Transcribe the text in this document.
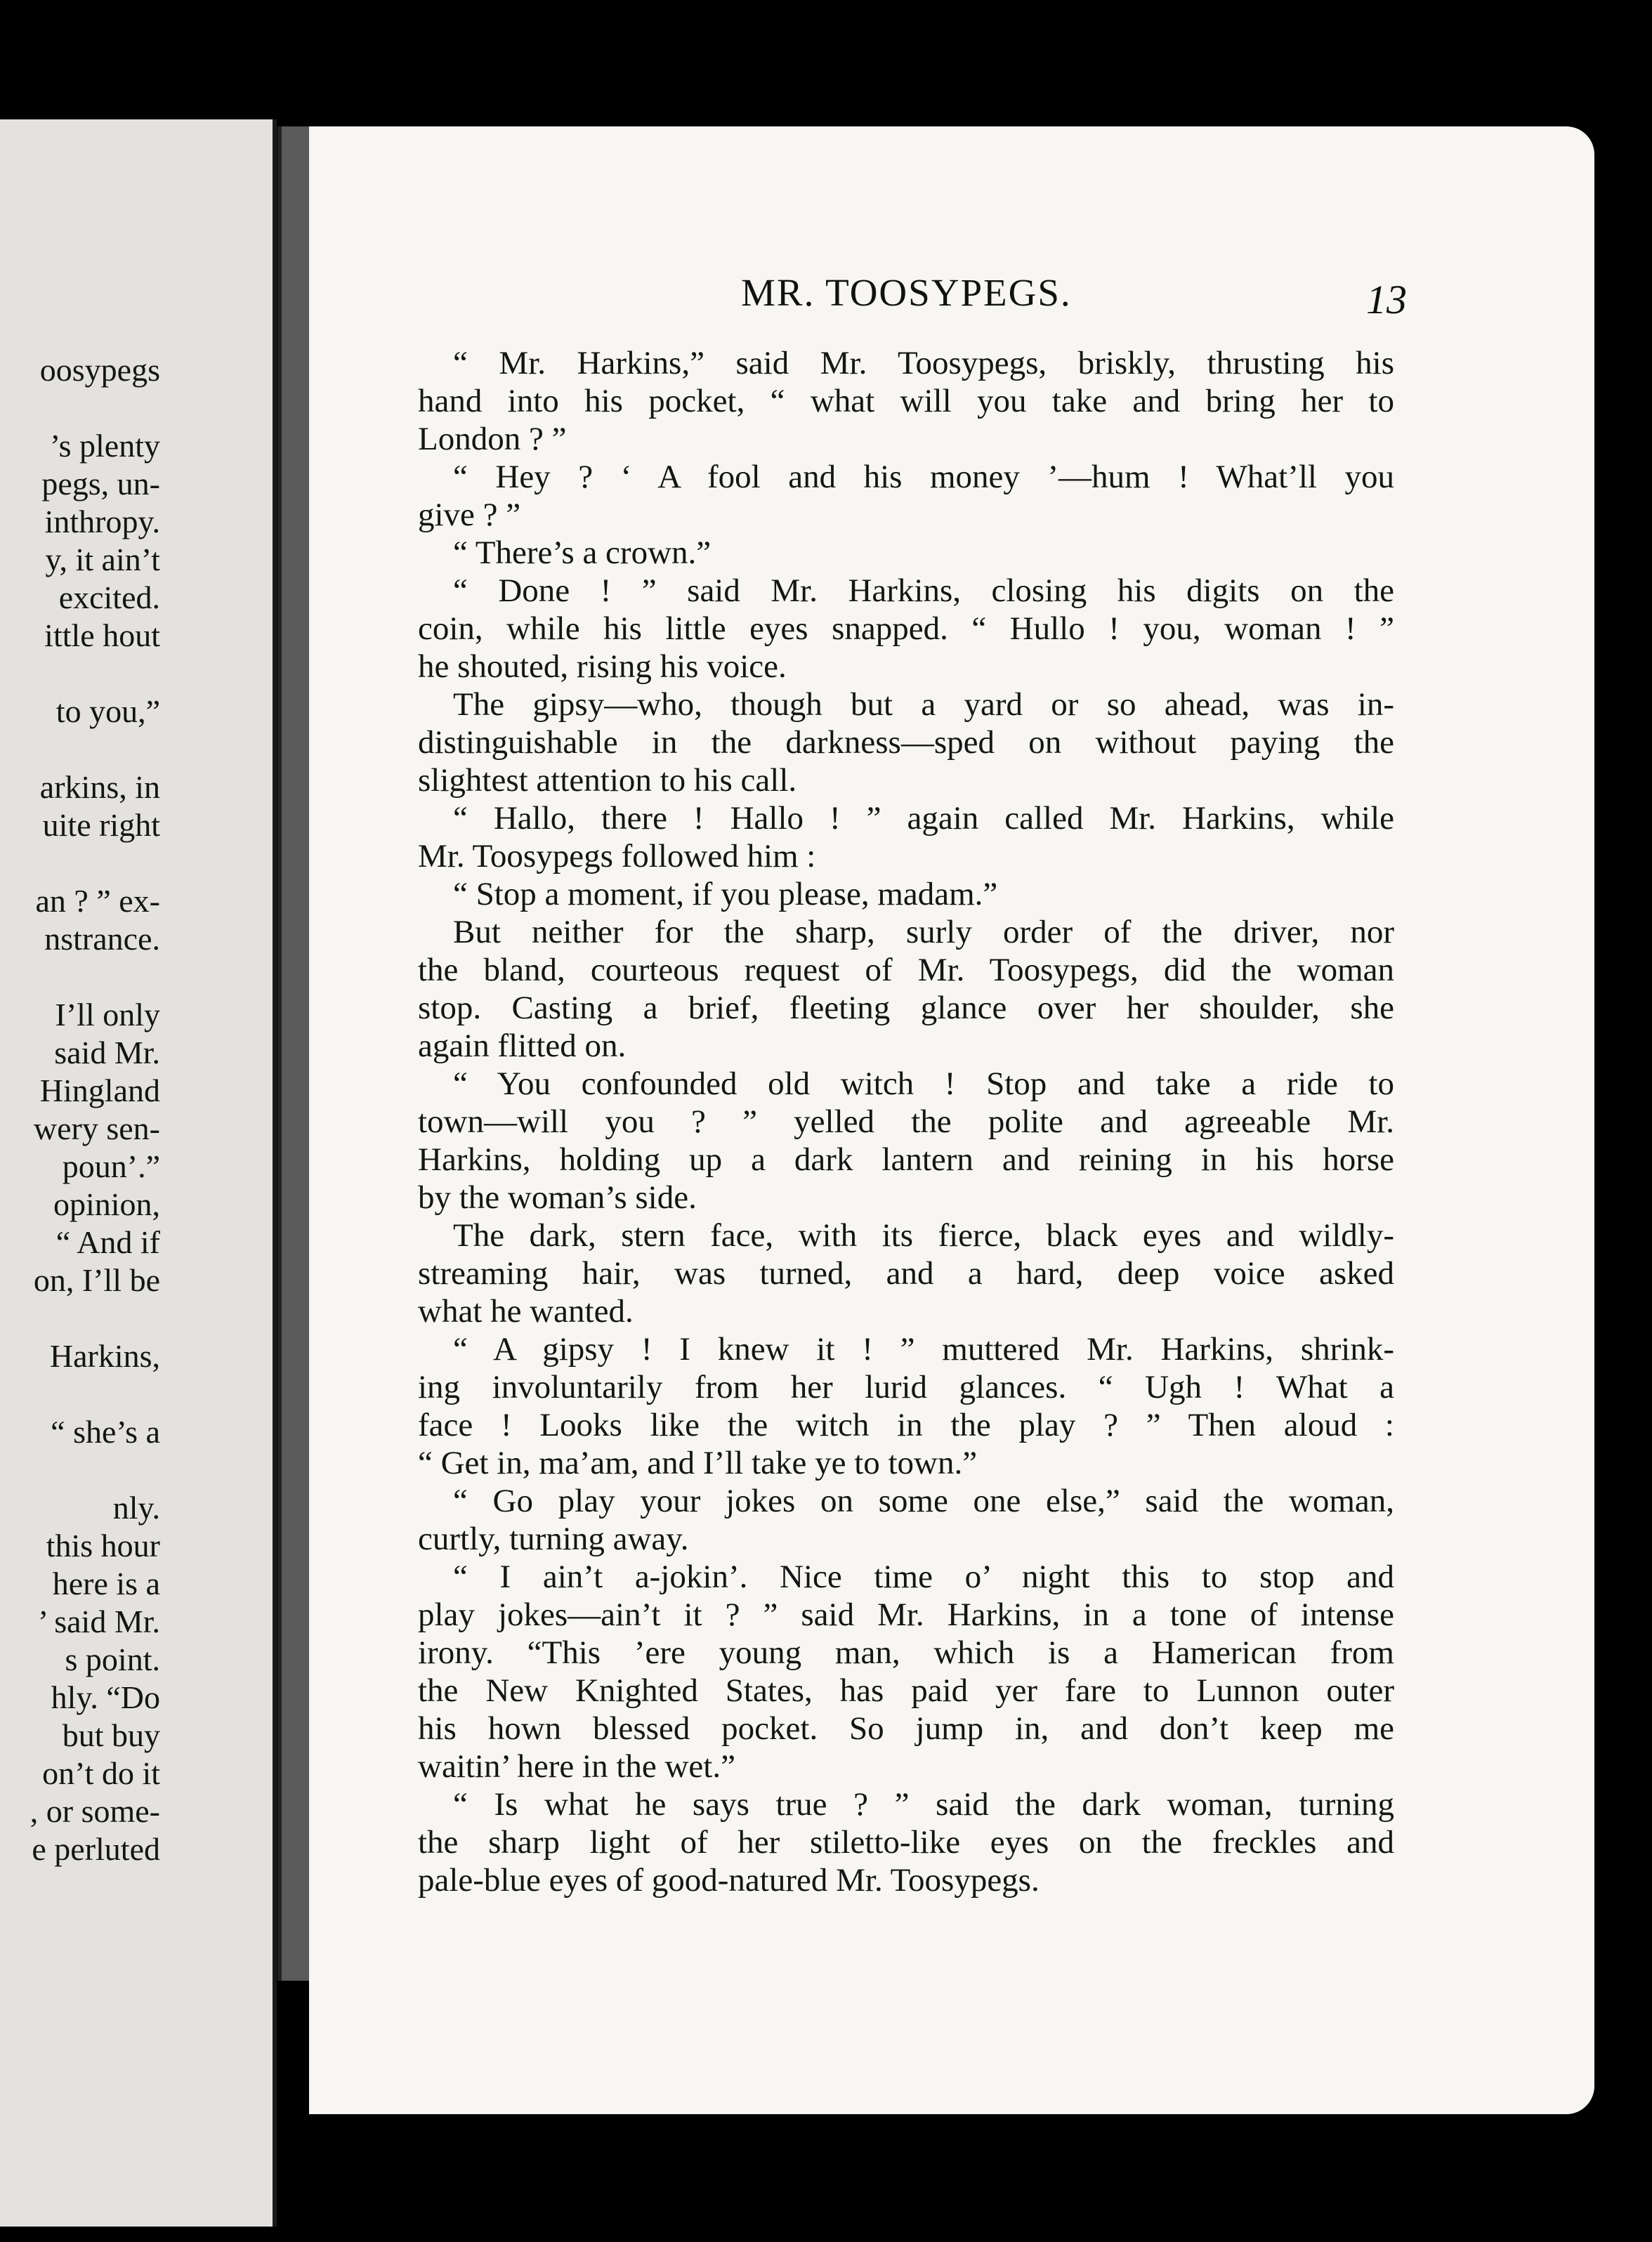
oosypegs

’s plenty
pegs, un-
inthropy.
y, it ain’t
excited.
ittle hout

to you,”

arkins, in
uite right

an ? ” ex-
nstrance.

I’ll only
said Mr.
Hingland
wery sen-
poun’.”
opinion,
“ And if
on, I’ll be

Harkins,

“ she’s a

nly.
this hour
here is a
’ said Mr.
s point.
hly. “Do
but buy
on’t do it
, or some-
e perluted
MR. TOOSYPEGS.	13
“ Mr. Harkins,” said Mr. Toosypegs, briskly, thrusting his
hand into his pocket, “ what will you take and bring her to
London ? ”
“ Hey ? ‘ A fool and his money ’—hum ! What’ll you
give ? ”
“ There’s a crown.”
“ Done ! ” said Mr. Harkins, closing his digits on the
coin, while his little eyes snapped. “ Hullo ! you, woman ! ”
he shouted, rising his voice.
The gipsy—who, though but a yard or so ahead, was in-
distinguishable in the darkness—sped on without paying the
slightest attention to his call.
“ Hallo, there ! Hallo ! ” again called Mr. Harkins, while
Mr. Toosypegs followed him :
“ Stop a moment, if you please, madam.”
But neither for the sharp, surly order of the driver, nor
the bland, courteous request of Mr. Toosypegs, did the woman
stop. Casting a brief, fleeting glance over her shoulder, she
again flitted on.
“ You confounded old witch ! Stop and take a ride to
town—will you ? ” yelled the polite and agreeable Mr.
Harkins, holding up a dark lantern and reining in his horse
by the woman’s side.
The dark, stern face, with its fierce, black eyes and wildly-
streaming hair, was turned, and a hard, deep voice asked
what he wanted.
“ A gipsy ! I knew it ! ” muttered Mr. Harkins, shrink-
ing involuntarily from her lurid glances. “ Ugh ! What a
face ! Looks like the witch in the play ? ” Then aloud :
“ Get in, ma’am, and I’ll take ye to town.”
“ Go play your jokes on some one else,” said the woman,
curtly, turning away.
“ I ain’t a-jokin’. Nice time o’ night this to stop and
play jokes—ain’t it ? ” said Mr. Harkins, in a tone of intense
irony. “This ’ere young man, which is a Hamerican from
the New Knighted States, has paid yer fare to Lunnon outer
his hown blessed pocket. So jump in, and don’t keep me
waitin’ here in the wet.”
“ Is what he says true ? ” said the dark woman, turning
the sharp light of her stiletto-like eyes on the freckles and
pale-blue eyes of good-natured Mr. Toosypegs.
